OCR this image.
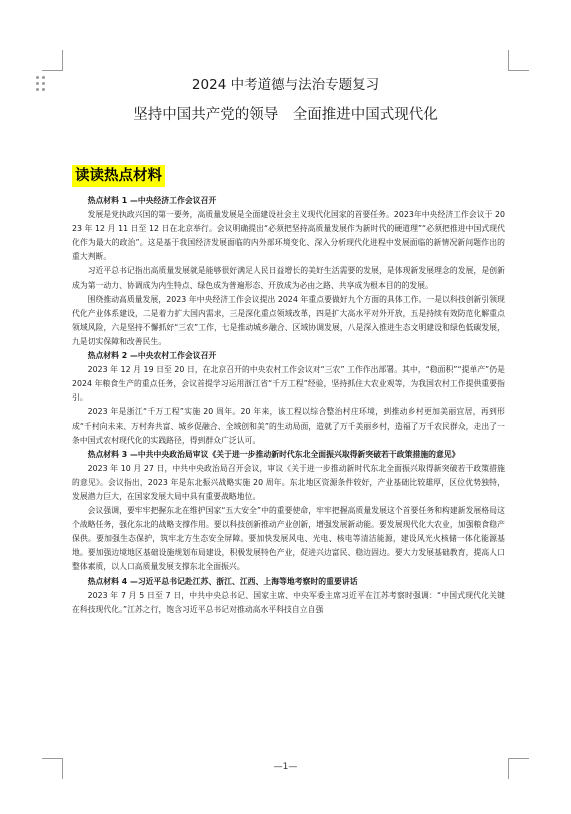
2024 中考道德与法治专题复习
坚持中国共产党的领导　全面推进中国式现代化
读读热点材料

热点材料 1 —中央经济工作会议召开

发展是党执政兴国的第一要务，高质量发展是全面建设社会主义现代化国家的首要任务。2023年中央经济工作会议于 2023 年 12 月 11 日至 12 日在北京举行。会议明确提出“必须把坚持高质量发展作为新时代的硬道理”“必须把推进中国式现代化作为最大的政治”。这是基于我国经济发展面临的内外部环境变化、深入分析现代化进程中发展面临的新情况新问题作出的重大判断。

习近平总书记指出高质量发展就是能够很好满足人民日益增长的美好生活需要的发展，是体现新发展理念的发展，是创新成为第一动力、协调成为内生特点、绿色成为普遍形态、开放成为必由之路、共享成为根本目的的发展。

围绕推动高质量发展，2023 年中央经济工作会议提出 2024 年重点要做好九个方面的具体工作。一是以科技创新引领现代化产业体系建设，二是着力扩大国内需求，三是深化重点领域改革，四是扩大高水平对外开放，五是持续有效防范化解重点领域风险，六是坚持不懈抓好“三农”工作，七是推动城乡融合、区域协调发展，八是深入推进生态文明建设和绿色低碳发展，九是切实保障和改善民生。

热点材料 2 —中央农村工作会议召开

2023 年 12 月 19 日至 20 日，在北京召开的中央农村工作会议对“三农” 工作作出部署。其中，“稳面积”“提单产”仍是 2024 年粮食生产的重点任务，会议首提学习运用浙江省“千万工程”经验，坚持抓住大农业观等，为我国农村工作提供重要指引。

2023 年是浙江“千万工程”实施 20 周年。20 年来，该工程以综合整治村庄环境，到推动乡村更加美丽宜居，再到形成“千村向未来、万村奔共富、城乡促融合、全域创和美”的生动局面，造就了万千美丽乡村，造福了万千农民群众，走出了一条中国式农村现代化的实践路径，得到群众广泛认可。

热点材料 3 —中共中央政治局审议《关于进一步推动新时代东北全面振兴取得新突破若干政策措施的意见》

2023 年 10 月 27 日，中共中央政治局召开会议，审议《关于进一步推动新时代东北全面振兴取得新突破若干政策措施的意见》。会议指出，2023 年是东北振兴战略实施 20 周年。东北地区资源条件较好，产业基础比较雄厚，区位优势独特，发展潜力巨大，在国家发展大局中具有重要战略地位。

会议强调，要牢牢把握东北在维护国家“五大安全”中的重要使命，牢牢把握高质量发展这个首要任务和构建新发展格局这个战略任务，强化东北的战略支撑作用。要以科技创新推动产业创新，增强发展新动能。要发展现代化大农业，加强粮食稳产保供。要加强生态保护，筑牢北方生态安全屏障。要加快发展风电、光电、核电等清洁能源，建设风光火核储一体化能源基地。要加强边境地区基础设施规划布局建设，积极发展特色产业，促进兴边富民、稳边固边。要大力发展基础教育，提高人口整体素质，以人口高质量发展支撑东北全面振兴。

热点材料 4 —习近平总书记赴江苏、浙江、江西、上海等地考察时的重要讲话

2023 年 7 月 5 日至 7 日，中共中央总书记、国家主席、中央军委主席习近平在江苏考察时强调：“中国式现代化关键在科技现代化。”江苏之行，饱含习近平总书记对推动高水平科技自立自强

—1—
